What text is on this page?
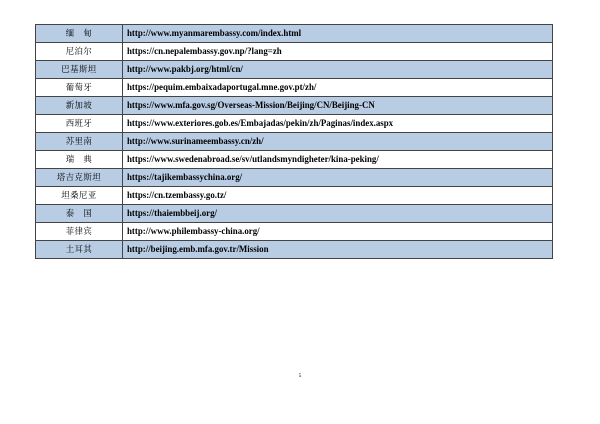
缅　甸	http://www.myanmarembassy.com/index.html
尼泊尔	https://cn.nepalembassy.gov.np/?lang=zh
巴基斯坦	http://www.pakbj.org/html/cn/
葡萄牙	https://pequim.embaixadaportugal.mne.gov.pt/zh/
新加坡	https://www.mfa.gov.sg/Overseas-Mission/Beijing/CN/Beijing-CN
西班牙	https://www.exteriores.gob.es/Embajadas/pekin/zh/Paginas/index.aspx
苏里南	http://www.surinameembassy.cn/zh/
瑞　典	https://www.swedenabroad.se/sv/utlandsmyndigheter/kina-peking/
塔吉克斯坦	https://tajikembassychina.org/
坦桑尼亚	https://cn.tzembassy.go.tz/
泰　国	https://thaiembbeij.org/
菲律宾	http://www.philembassy-china.org/
土耳其	http://beijing.emb.mfa.gov.tr/Mission
5
